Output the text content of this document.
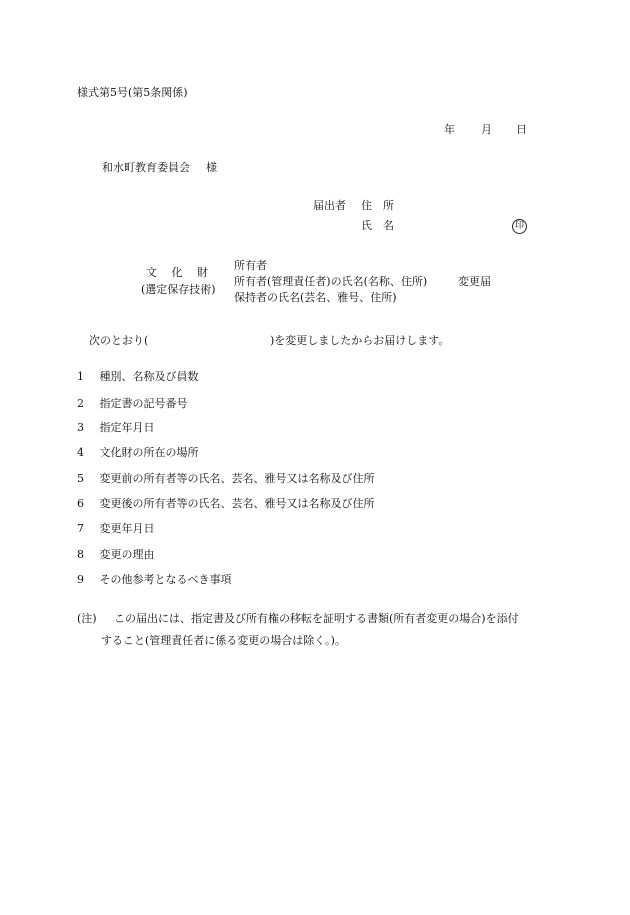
様式第5号(第5条関係)
年 月 日
和水町教育委員会 様
届出者 住　所
氏　名	印
文　 化　 財
(選定保存技術)
所有者
所有者(管理責任者)の氏名(名称、住所)
保持者の氏名(芸名、雅号、住所)
変更届
次のとおり(	)を変更しましたからお届けします。
1 種別、名称及び員数
2 指定書の記号番号
3 指定年月日
4 文化財の所在の場所
5 変更前の所有者等の氏名、芸名、雅号又は名称及び住所
6 変更後の所有者等の氏名、芸名、雅号又は名称及び住所
7 変更年月日
8 変更の理由
9 その他参考となるべき事項
(注) この届出には、指定書及び所有権の移転を証明する書類(所有者変更の場合)を添付
すること(管理責任者に係る変更の場合は除く。)。
